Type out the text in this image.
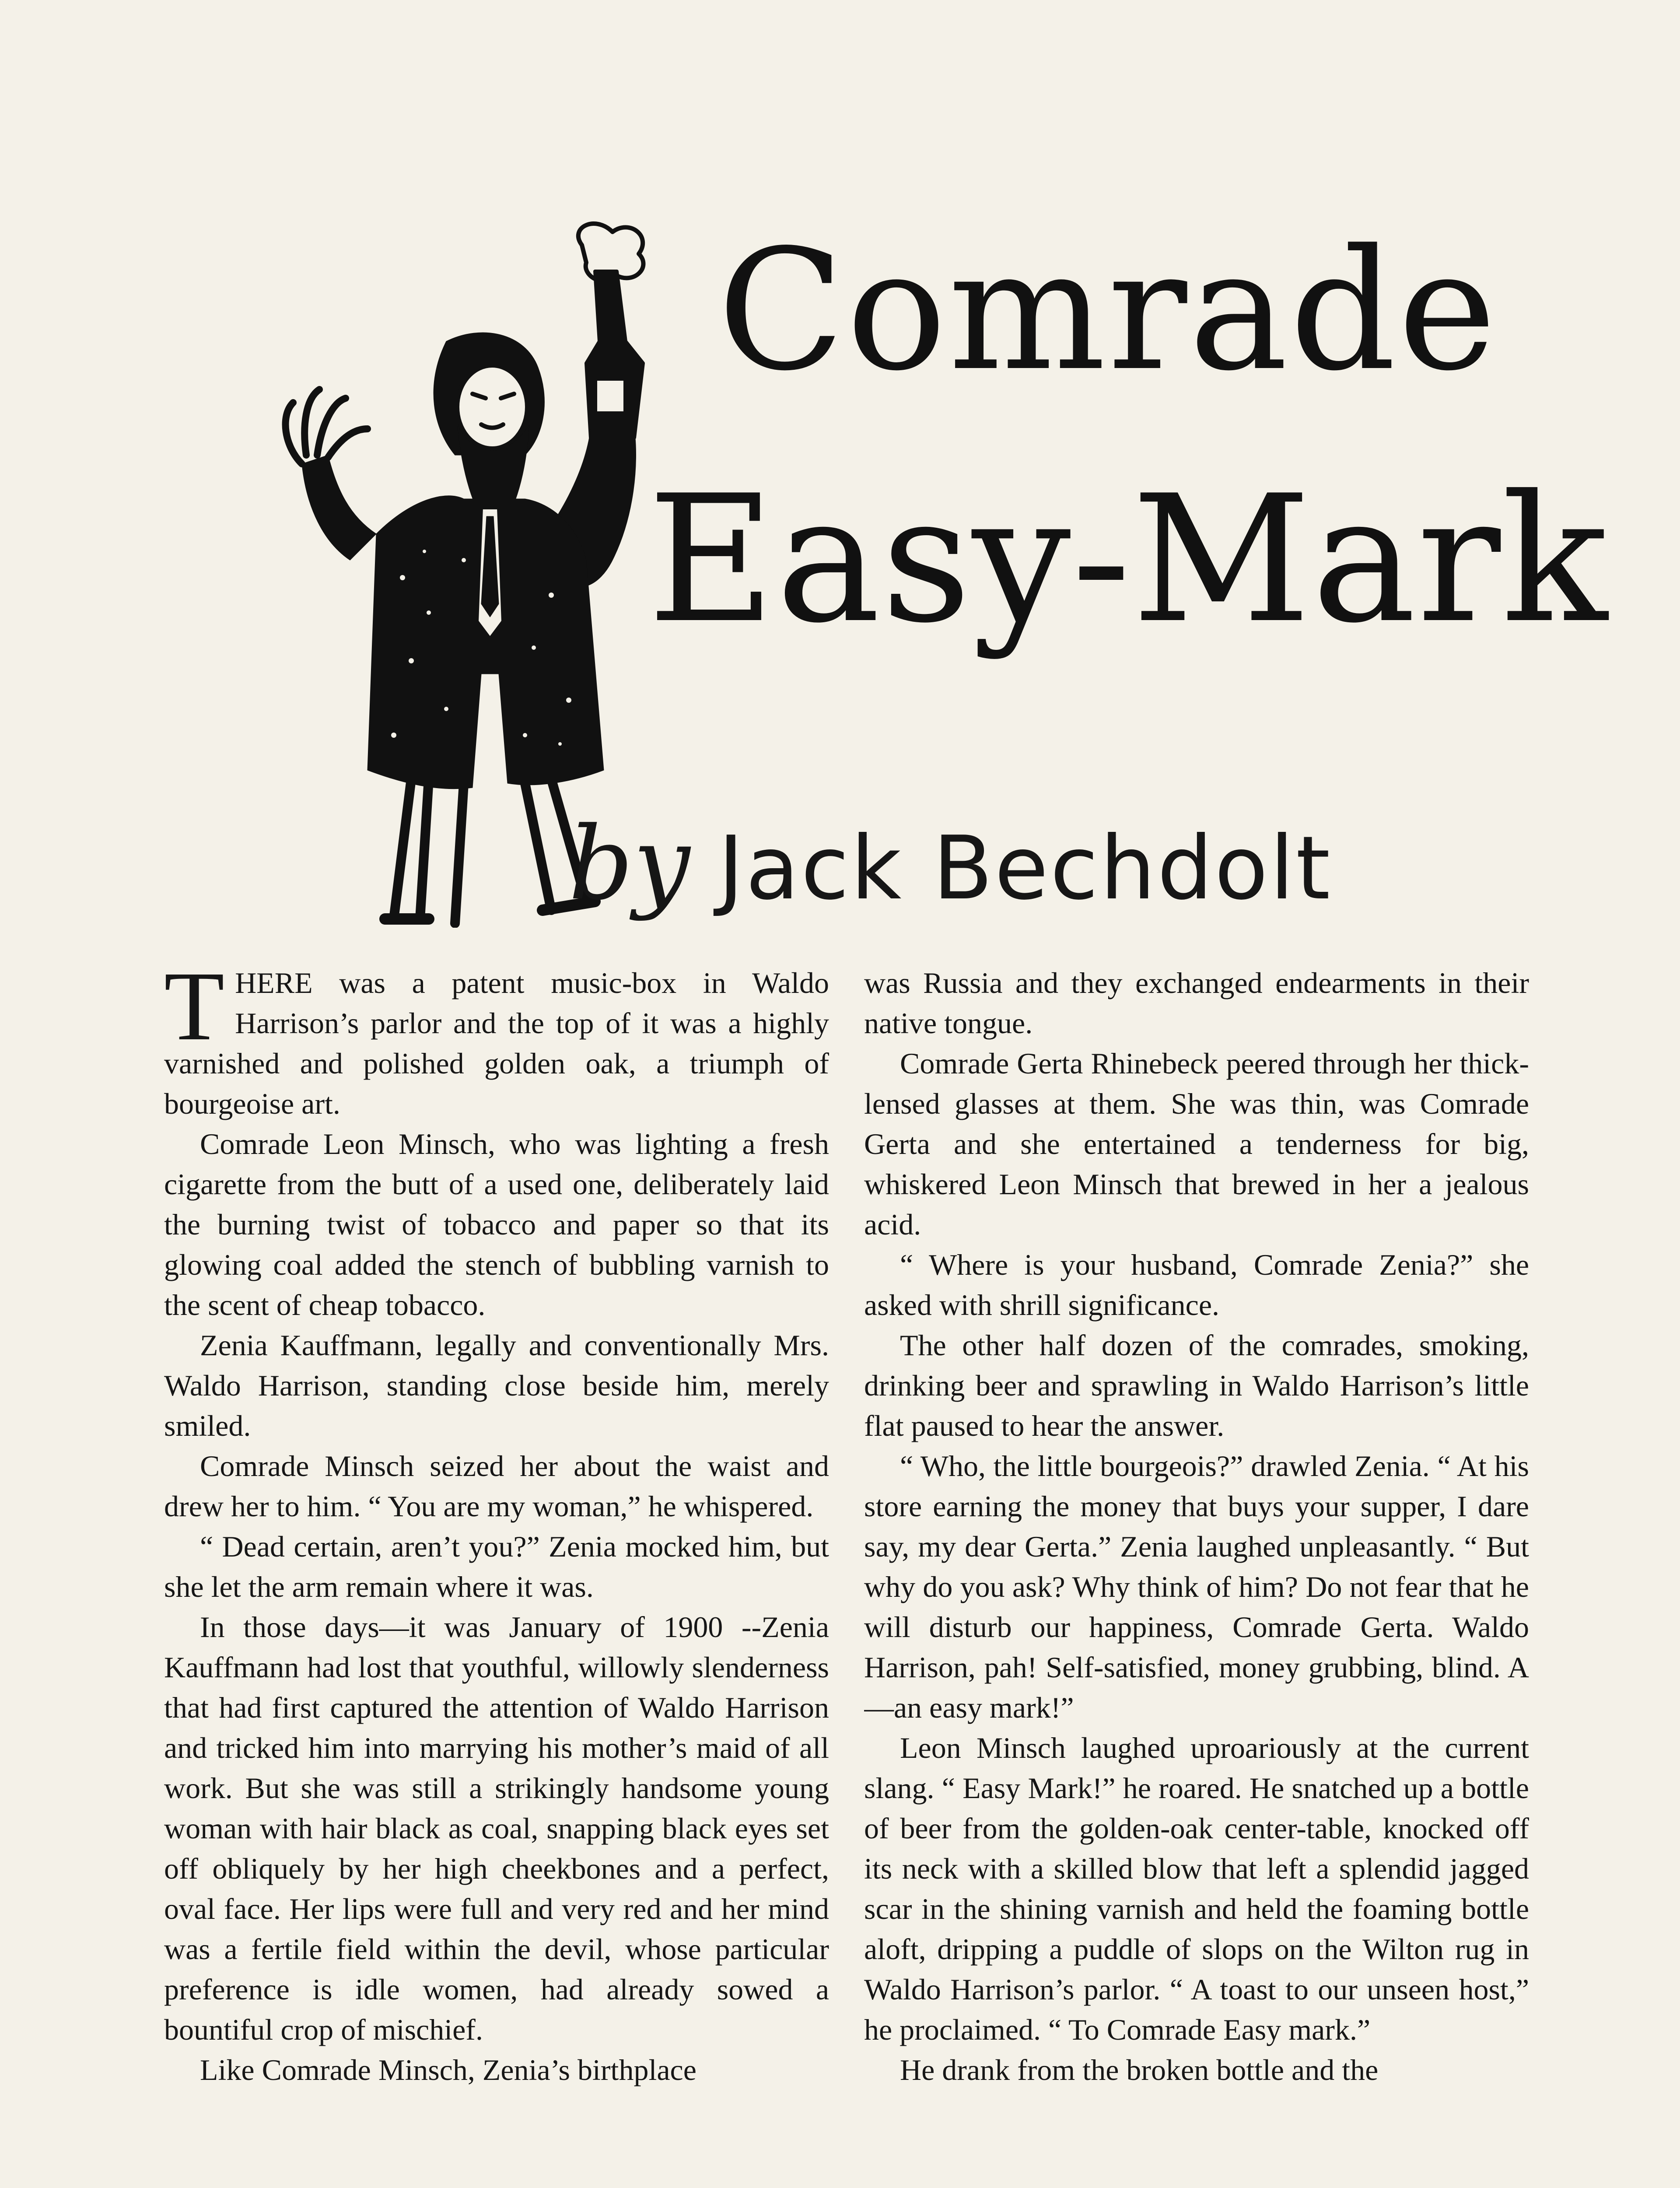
Comrade
Easy-Mark
by Jack Bechdolt

THERE was a patent music-box in Waldo Harrison’s parlor and the top of it was a highly varnished and polished golden oak, a triumph of bourgeoise art.

Comrade Leon Minsch, who was lighting a fresh cigarette from the butt of a used one, deliberately laid the burning twist of tobacco and paper so that its glowing coal added the stench of bubbling varnish to the scent of cheap tobacco.

Zenia Kauffmann, legally and conventionally Mrs. Waldo Harrison, standing close beside him, merely smiled.

Comrade Minsch seized her about the waist and drew her to him. “ You are my woman,” he whispered.

“ Dead certain, aren’t you?” Zenia mocked him, but she let the arm remain where it was.

In those days—it was January of 1900 --Zenia Kauffmann had lost that youthful, willowly slenderness that had first captured the attention of Waldo Harrison and tricked him into marrying his mother’s maid of all work. But she was still a strikingly handsome young woman with hair black as coal, snapping black eyes set off obliquely by her high cheekbones and a perfect, oval face. Her lips were full and very red and her mind was a fertile field within the devil, whose particular preference is idle women, had already sowed a bountiful crop of mischief.

Like Comrade Minsch, Zenia’s birthplace

was Russia and they exchanged endearments in their native tongue.

Comrade Gerta Rhinebeck peered through her thick-lensed glasses at them. She was thin, was Comrade Gerta and she entertained a tenderness for big, whiskered Leon Minsch that brewed in her a jealous acid.

“ Where is your husband, Comrade Zenia?” she asked with shrill significance.

The other half dozen of the comrades, smoking, drinking beer and sprawling in Waldo Harrison’s little flat paused to hear the answer.

“ Who, the little bourgeois?” drawled Zenia. “ At his store earning the money that buys your supper, I dare say, my dear Gerta.” Zenia laughed unpleasantly. “ But why do you ask? Why think of him? Do not fear that he will disturb our happiness, Comrade Gerta. Waldo Harrison, pah! Self-satisfied, money grubbing, blind. A—an easy mark!”

Leon Minsch laughed uproariously at the current slang. “ Easy Mark!” he roared. He snatched up a bottle of beer from the golden-oak center-table, knocked off its neck with a skilled blow that left a splendid jagged scar in the shining varnish and held the foaming bottle aloft, dripping a puddle of slops on the Wilton rug in Waldo Harrison’s parlor. “ A toast to our unseen host,” he proclaimed. “ To Comrade Easy mark.”

He drank from the broken bottle and the
